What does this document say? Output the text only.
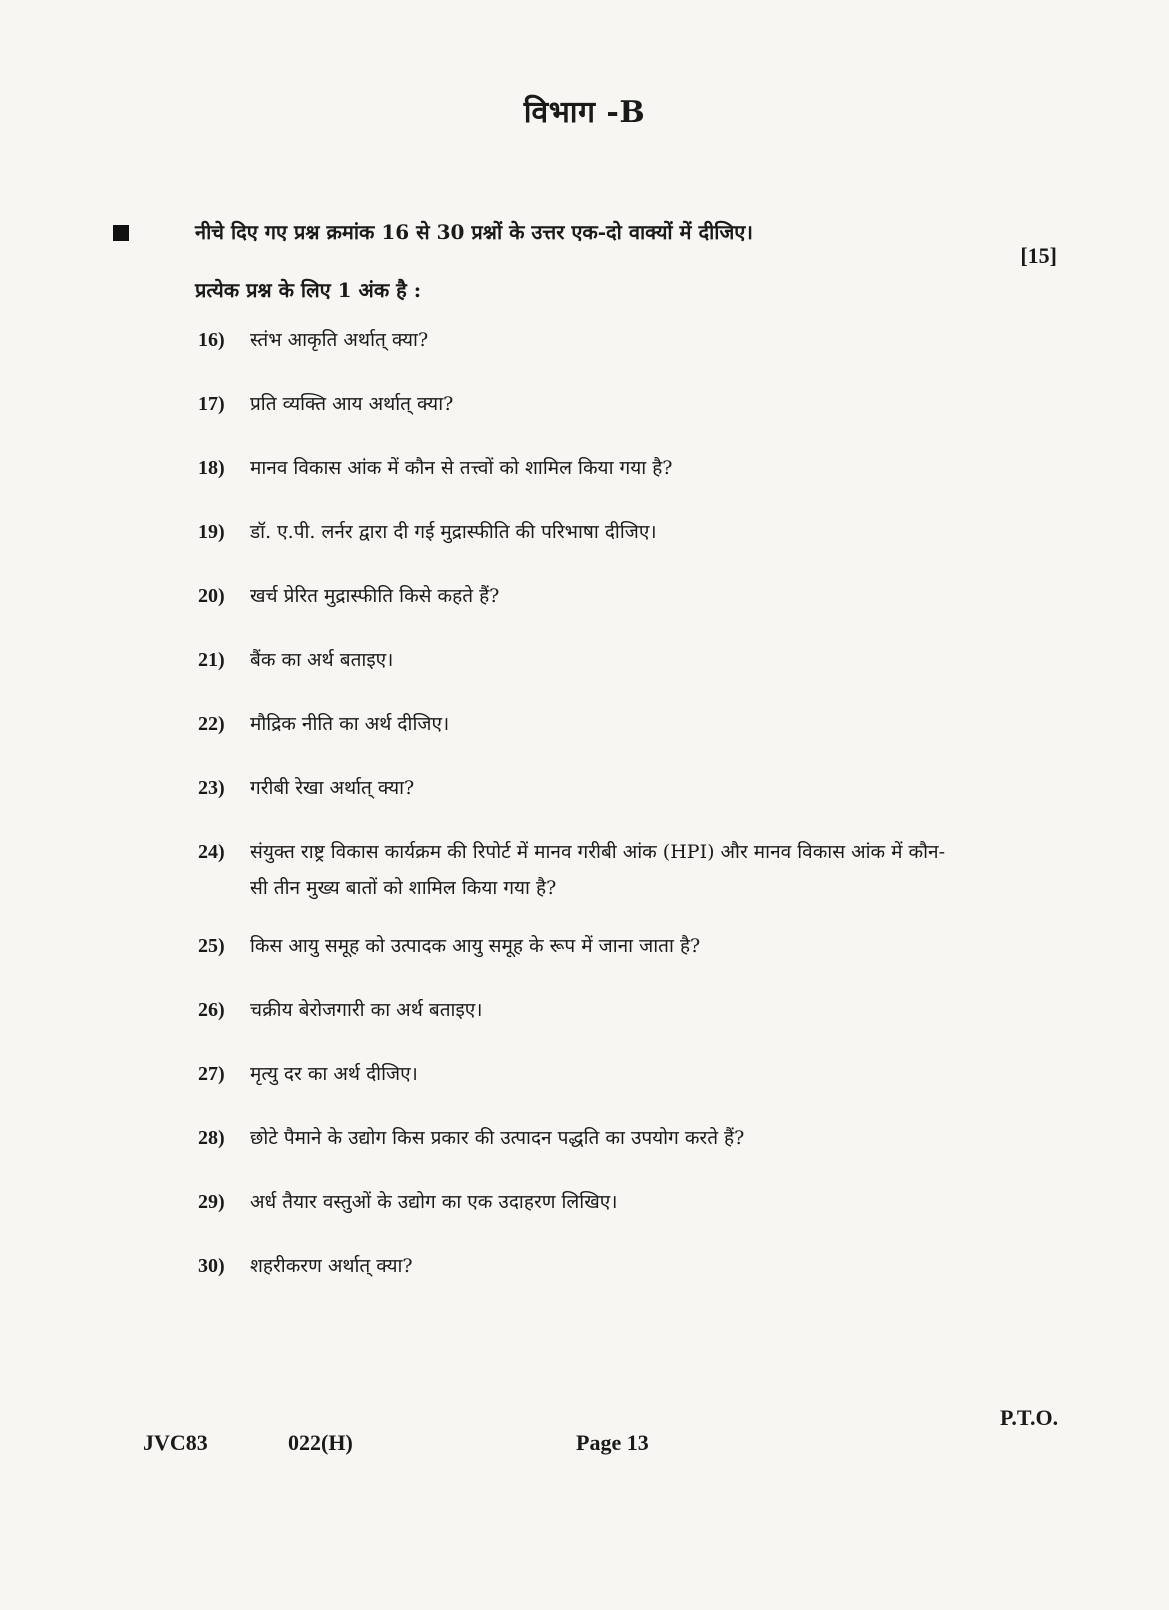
विभाग -B
नीचे दिए गए प्रश्न क्रमांक 16 से 30 प्रश्नों के उत्तर एक-दो वाक्यों में दीजिए।
प्रत्येक प्रश्न के लिए 1 अंक है :
[15]
16)	स्तंभ आकृति अर्थात् क्या?
17)	प्रति व्यक्ति आय अर्थात् क्या?
18)	मानव विकास आंक में कौन से तत्त्वों को शामिल किया गया है?
19)	डॉ. ए.पी. लर्नर द्वारा दी गई मुद्रास्फीति की परिभाषा दीजिए।
20)	खर्च प्रेरित मुद्रास्फीति किसे कहते हैं?
21)	बैंक का अर्थ बताइए।
22)	मौद्रिक नीति का अर्थ दीजिए।
23)	गरीबी रेखा अर्थात् क्या?
24)	संयुक्त राष्ट्र विकास कार्यक्रम की रिपोर्ट में मानव गरीबी आंक (HPI) और मानव विकास आंक में कौन-सी तीन मुख्य बातों को शामिल किया गया है?
25)	किस आयु समूह को उत्पादक आयु समूह के रूप में जाना जाता है?
26)	चक्रीय बेरोजगारी का अर्थ बताइए।
27)	मृत्यु दर का अर्थ दीजिए।
28)	छोटे पैमाने के उद्योग किस प्रकार की उत्पादन पद्धति का उपयोग करते हैं?
29)	अर्ध तैयार वस्तुओं के उद्योग का एक उदाहरण लिखिए।
30)	शहरीकरण अर्थात् क्या?
JVC83	022(H)	Page 13
P.T.O.
